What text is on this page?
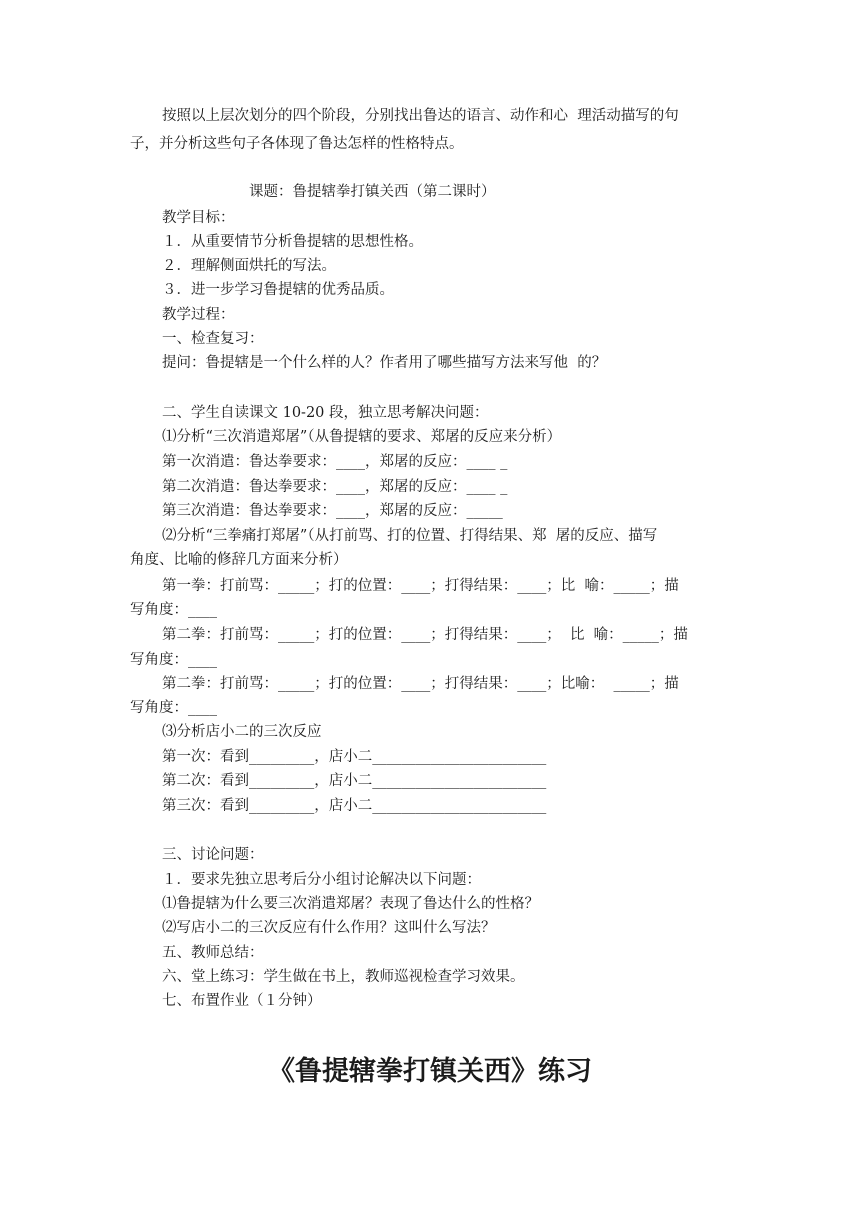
按照以上层次划分的四个阶段，分别找出鲁达的语言、动作和心  理活动描写的句
子，并分析这些句子各体现了鲁达怎样的性格特点。
课题：鲁提辖拳打镇关西（第二课时）
教学目标：
１．从重要情节分析鲁提辖的思想性格。
２．理解侧面烘托的写法。
３．进一步学习鲁提辖的优秀品质。
教学过程：
一、检查复习：
提问：鲁提辖是一个什么样的人？作者用了哪些描写方法来写他  的？
二、学生自读课文 10-20 段，独立思考解决问题：
⑴分析“三次消遣郑屠”（从鲁提辖的要求、郑屠的反应来分析）
第一次消遣：鲁达拳要求：____，郑屠的反应：____ _
第二次消遣：鲁达拳要求：____，郑屠的反应：____ _
第三次消遣：鲁达拳要求：____，郑屠的反应：_____
⑵分析“三拳痛打郑屠”（从打前骂、打的位置、打得结果、郑  屠的反应、描写
角度、比喻的修辞几方面来分析）
第一拳：打前骂：_____；打的位置：____；打得结果：____；比  喻：_____；描
写角度：____
第二拳：打前骂：_____；打的位置：____；打得结果：____；  比  喻：_____；描
写角度：____
第二拳：打前骂：_____；打的位置：____；打得结果：____；比喻：  _____；描
写角度：____
⑶分析店小二的三次反应
第一次：看到_________，店小二________________________
第二次：看到_________，店小二________________________
第三次：看到_________，店小二________________________
三、讨论问题：
１．要求先独立思考后分小组讨论解决以下问题：
⑴鲁提辖为什么要三次消遣郑屠？表现了鲁达什么的性格？
⑵写店小二的三次反应有什么作用？这叫什么写法？
五、教师总结：
六、堂上练习：学生做在书上，教师巡视检查学习效果。
七、布置作业（１分钟）
《鲁提辖拳打镇关西》练习
